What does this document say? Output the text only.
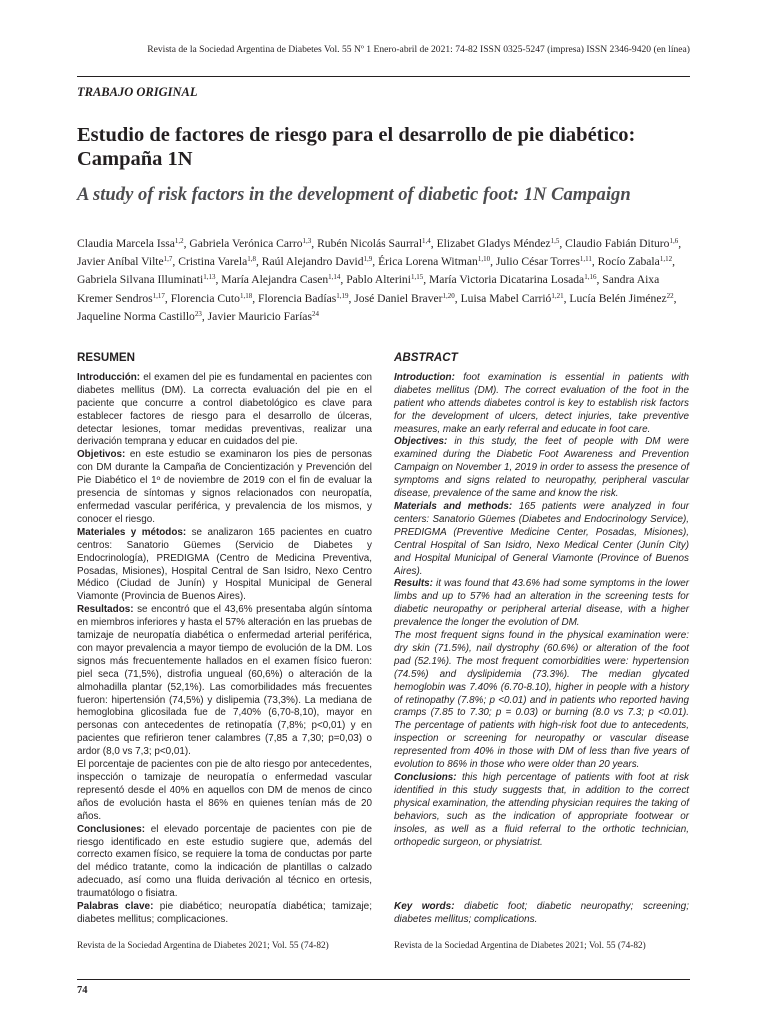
Revista de la Sociedad Argentina de Diabetes Vol. 55 Nº 1 Enero-abril de 2021: 74-82 ISSN 0325-5247 (impresa) ISSN 2346-9420 (en línea)
TRABAJO ORIGINAL
Estudio de factores de riesgo para el desarrollo de pie diabético: Campaña 1N
A study of risk factors in the development of diabetic foot: 1N Campaign
Claudia Marcela Issa$^{1,2}$, Gabriela Verónica Carro$^{1,3}$, Rubén Nicolás Saurral$^{1,4}$, Elizabet Gladys Méndez$^{1,5}$, Claudio Fabián Dituro$^{1,6}$, Javier Aníbal Vilte$^{1,7}$, Cristina Varela$^{1,8}$, Raúl Alejandro David$^{1,9}$, Érica Lorena Witman$^{1,10}$, Julio César Torres$^{1,11}$, Rocío Zabala$^{1,12}$, Gabriela Silvana Illuminati$^{1,13}$, María Alejandra Casen$^{1,14}$, Pablo Alterini$^{1,15}$, María Victoria Dicatarina Losada$^{1,16}$, Sandra Aixa Kremer Sendros$^{1,17}$, Florencia Cuto$^{1,18}$, Florencia Badías$^{1,19}$, José Daniel Braver$^{1,20}$, Luisa Mabel Carrió$^{1,21}$, Lucía Belén Jiménez$^{22}$, Jaqueline Norma Castillo$^{23}$, Javier Mauricio Farías$^{24}$
RESUMEN

Introducción: el examen del pie es fundamental en pacientes con diabetes mellitus (DM). La correcta evaluación del pie en el paciente que concurre a control diabetológico es clave para establecer factores de riesgo para el desarrollo de úlceras, detectar lesiones, tomar medidas preventivas, realizar una derivación temprana y educar en cuidados del pie.

Objetivos: en este estudio se examinaron los pies de personas con DM durante la Campaña de Concientización y Prevención del Pie Diabético el 1º de noviembre de 2019 con el fin de evaluar la presencia de síntomas y signos relacionados con neuropatía, enfermedad vascular periférica, y prevalencia de los mismos, y conocer el riesgo.

Materiales y métodos: se analizaron 165 pacientes en cuatro centros: Sanatorio Güemes (Servicio de Diabetes y Endocrinología), PREDIGMA (Centro de Medicina Preventiva, Posadas, Misiones), Hospital Central de San Isidro, Nexo Centro Médico (Ciudad de Junín) y Hospital Municipal de General Viamonte (Provincia de Buenos Aires).

Resultados: se encontró que el 43,6% presentaba algún síntoma en miembros inferiores y hasta el 57% alteración en las pruebas de tamizaje de neuropatía diabética o enfermedad arterial periférica, con mayor prevalencia a mayor tiempo de evolución de la DM. Los signos más frecuentemente hallados en el examen físico fueron: piel seca (71,5%), distrofia ungueal (60,6%) o alteración de la almohadilla plantar (52,1%). Las comorbilidades más frecuentes fueron: hipertensión (74,5%) y dislipemia (73,3%). La mediana de hemoglobina glicosilada fue de 7,40% (6,70-8,10), mayor en personas con antecedentes de retinopatía (7,8%; p<0,01) y en pacientes que refirieron tener calambres (7,85 a 7,30; p=0,03) o ardor (8,0 vs 7,3; p<0,01).

El porcentaje de pacientes con pie de alto riesgo por antecedentes, inspección o tamizaje de neuropatía o enfermedad vascular representó desde el 40% en aquellos con DM de menos de cinco años de evolución hasta el 86% en quienes tenían más de 20 años.

Conclusiones: el elevado porcentaje de pacientes con pie de riesgo identificado en este estudio sugiere que, además del correcto examen físico, se requiere la toma de conductas por parte del médico tratante, como la indicación de plantillas o calzado adecuado, así como una fluida derivación al técnico en ortesis, traumatólogo o fisiatra.

ABSTRACT

Introduction: foot examination is essential in patients with diabetes mellitus (DM). The correct evaluation of the foot in the patient who attends diabetes control is key to establish risk factors for the development of ulcers, detect injuries, take preventive measures, make an early referral and educate in foot care.

Objectives: in this study, the feet of people with DM were examined during the Diabetic Foot Awareness and Prevention Campaign on November 1, 2019 in order to assess the presence of symptoms and signs related to neuropathy, peripheral vascular disease, prevalence of the same and know the risk.

Materials and methods: 165 patients were analyzed in four centers: Sanatorio Güemes (Diabetes and Endocrinology Service), PREDIGMA (Preventive Medicine Center, Posadas, Misiones), Central Hospital of San Isidro, Nexo Medical Center (Junín City) and Hospital Municipal of General Viamonte (Province of Buenos Aires).

Results: it was found that 43.6% had some symptoms in the lower limbs and up to 57% had an alteration in the screening tests for diabetic neuropathy or peripheral arterial disease, with a higher prevalence the longer the evolution of DM.

The most frequent signs found in the physical examination were: dry skin (71.5%), nail dystrophy (60.6%) or alteration of the foot pad (52.1%). The most frequent comorbidities were: hypertension (74.5%) and dyslipidemia (73.3%). The median glycated hemoglobin was 7.40% (6.70-8.10), higher in people with a history of retinopathy (7.8%; p <0.01) and in patients who reported having cramps (7.85 to 7.30; p = 0.03) or burning (8.0 vs 7.3; p <0.01). The percentage of patients with high-risk foot due to antecedents, inspection or screening for neuropathy or vascular disease represented from 40% in those with DM of less than five years of evolution to 86% in those who were older than 20 years.

Conclusions: this high percentage of patients with foot at risk identified in this study suggests that, in addition to the correct physical examination, the attending physician requires the taking of behaviors, such as the indication of appropriate footwear or insoles, as well as a fluid referral to the orthotic technician, orthopedic surgeon, or physiatrist.

Palabras clave: pie diabético; neuropatía diabética; tamizaje; diabetes mellitus; complicaciones.
Key words: diabetic foot; diabetic neuropathy; screening; diabetes mellitus; complications.
Revista de la Sociedad Argentina de Diabetes 2021; Vol. 55 (74-82)	Revista de la Sociedad Argentina de Diabetes 2021; Vol. 55 (74-82)
74
